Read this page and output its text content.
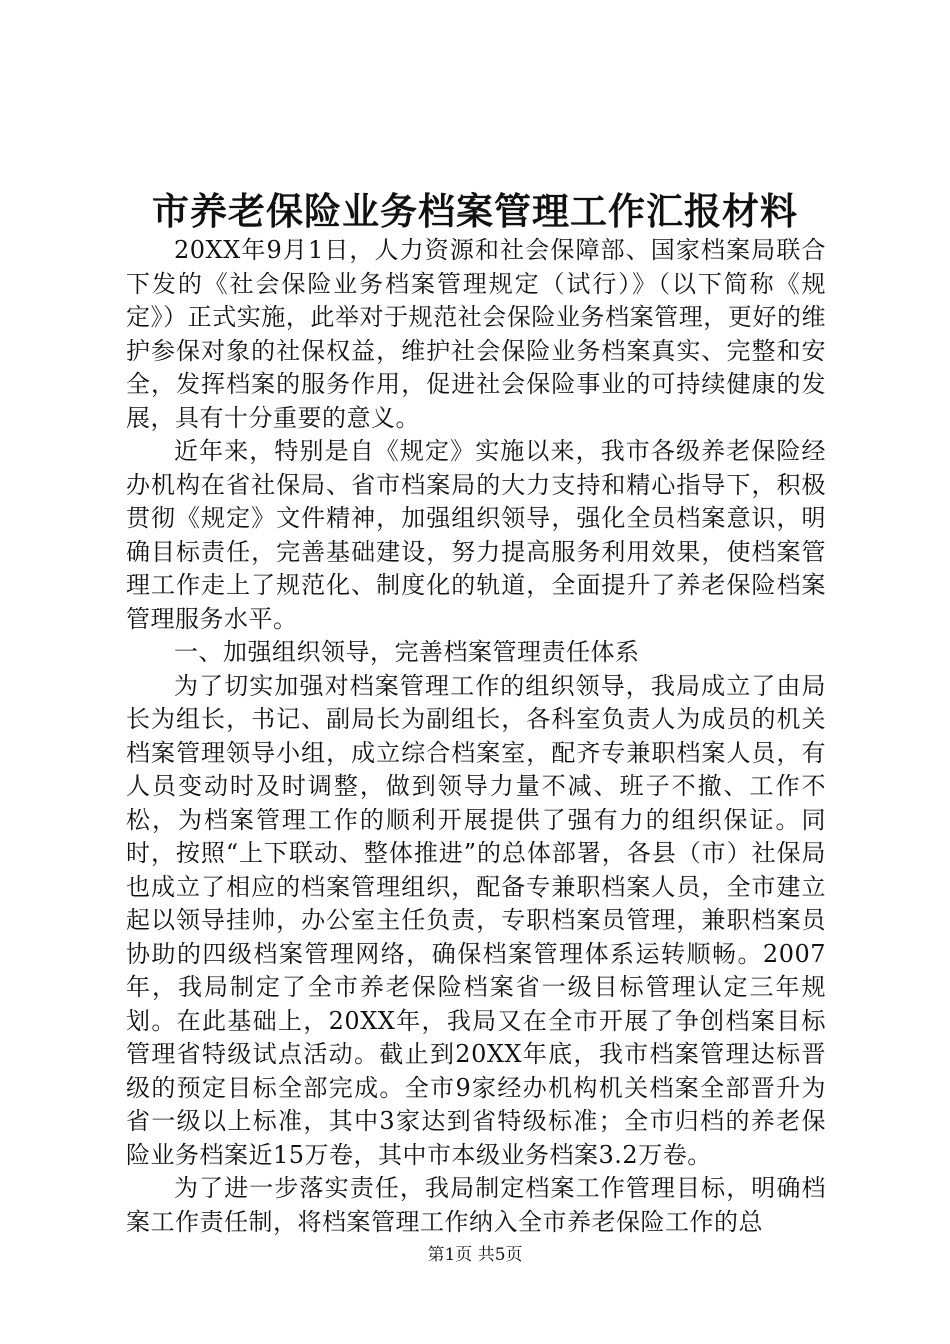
市养老保险业务档案管理工作汇报材料

20XX年9月1日，人力资源和社会保障部、国家档案局联合下发的《社会保险业务档案管理规定（试行）》（以下简称《规定》）正式实施，此举对于规范社会保险业务档案管理，更好的维护参保对象的社保权益，维护社会保险业务档案真实、完整和安全，发挥档案的服务作用，促进社会保险事业的可持续健康的发展，具有十分重要的意义。

近年来，特别是自《规定》实施以来，我市各级养老保险经办机构在省社保局、省市档案局的大力支持和精心指导下，积极贯彻《规定》文件精神，加强组织领导，强化全员档案意识，明确目标责任，完善基础建设，努力提高服务利用效果，使档案管理工作走上了规范化、制度化的轨道，全面提升了养老保险档案管理服务水平。

一、加强组织领导，完善档案管理责任体系

为了切实加强对档案管理工作的组织领导，我局成立了由局长为组长，书记、副局长为副组长，各科室负责人为成员的机关档案管理领导小组，成立综合档案室，配齐专兼职档案人员，有人员变动时及时调整，做到领导力量不减、班子不撤、工作不松，为档案管理工作的顺利开展提供了强有力的组织保证。同时，按照“上下联动、整体推进”的总体部署，各县（市）社保局也成立了相应的档案管理组织，配备专兼职档案人员，全市建立起以领导挂帅，办公室主任负责，专职档案员管理，兼职档案员协助的四级档案管理网络，确保档案管理体系运转顺畅。2007年，我局制定了全市养老保险档案省一级目标管理认定三年规划。在此基础上，20XX年，我局又在全市开展了争创档案目标管理省特级试点活动。截止到20XX年底，我市档案管理达标晋级的预定目标全部完成。全市9家经办机构机关档案全部晋升为省一级以上标准，其中3家达到省特级标准；全市归档的养老保险业务档案近15万卷，其中市本级业务档案3.2万卷。

为了进一步落实责任，我局制定档案工作管理目标，明确档案工作责任制，将档案管理工作纳入全市养老保险工作的总

第1页 共5页
